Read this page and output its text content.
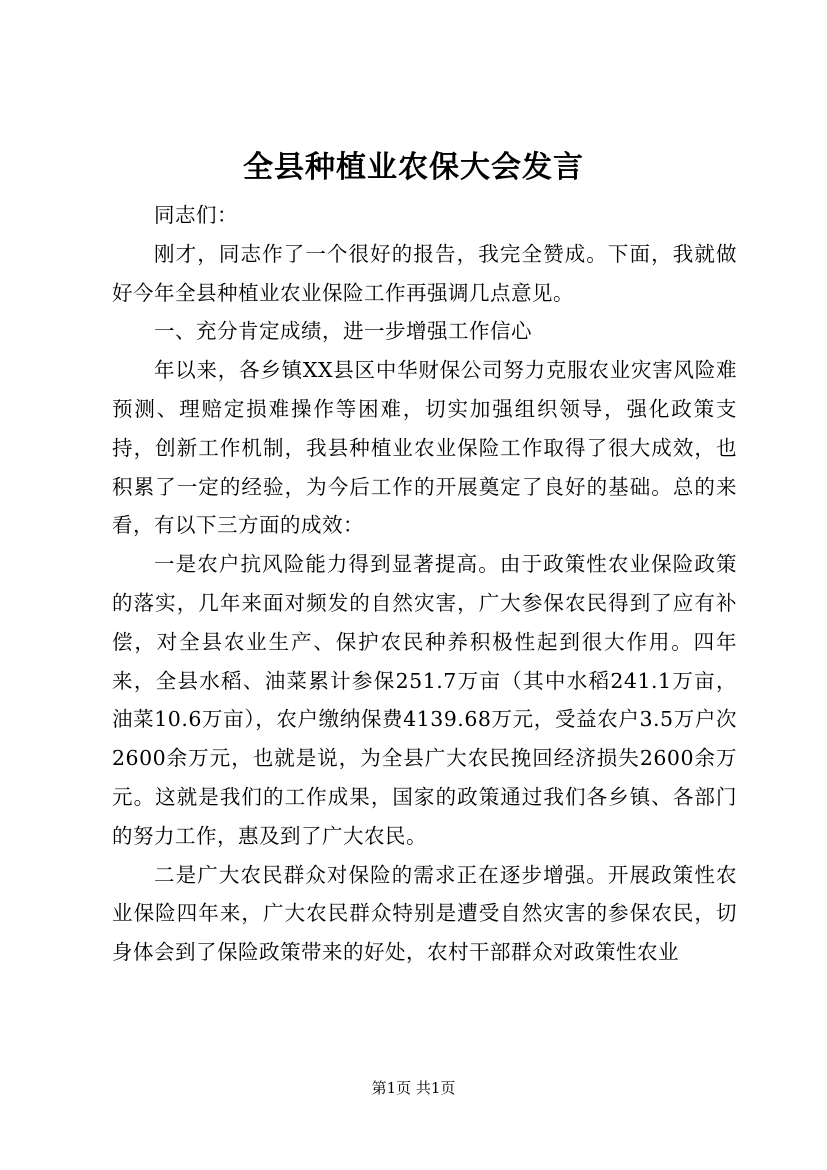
全县种植业农保大会发言

同志们：

刚才，同志作了一个很好的报告，我完全赞成。下面，我就做好今年全县种植业农业保险工作再强调几点意见。

一、充分肯定成绩，进一步增强工作信心

年以来，各乡镇XX县区中华财保公司努力克服农业灾害风险难预测、理赔定损难操作等困难，切实加强组织领导，强化政策支持，创新工作机制，我县种植业农业保险工作取得了很大成效，也积累了一定的经验，为今后工作的开展奠定了良好的基础。总的来看，有以下三方面的成效：

一是农户抗风险能力得到显著提高。由于政策性农业保险政策的落实，几年来面对频发的自然灾害，广大参保农民得到了应有补偿，对全县农业生产、保护农民种养积极性起到很大作用。四年来，全县水稻、油菜累计参保251.7万亩（其中水稻241.1万亩，油菜10.6万亩），农户缴纳保费4139.68万元，受益农户3.5万户次2600余万元，也就是说，为全县广大农民挽回经济损失2600余万元。这就是我们的工作成果，国家的政策通过我们各乡镇、各部门的努力工作，惠及到了广大农民。

二是广大农民群众对保险的需求正在逐步增强。开展政策性农业保险四年来，广大农民群众特别是遭受自然灾害的参保农民，切身体会到了保险政策带来的好处，农村干部群众对政策性农业

第1页 共1页
